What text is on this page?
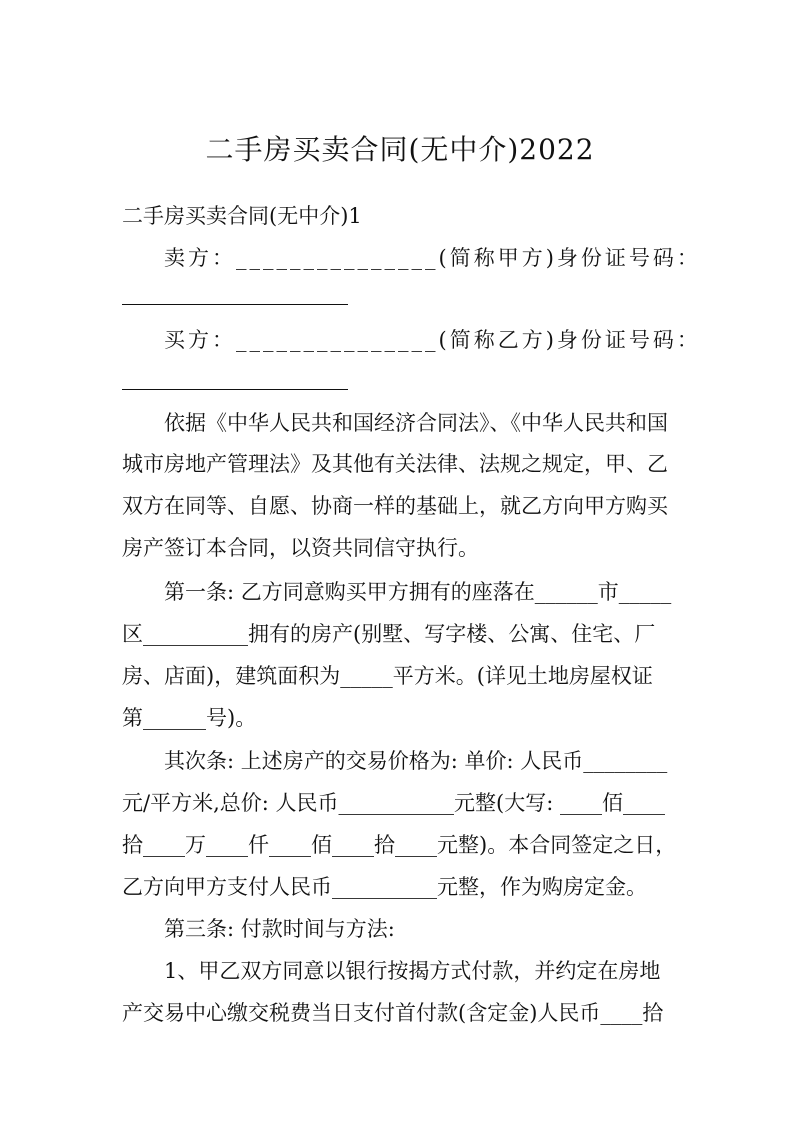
二手房买卖合同(无中介)2022
二手房买卖合同(无中介)1
卖方：_______________(简称甲方)身份证号码：
买方：_______________(简称乙方)身份证号码：
依据《中华人民共和国经济合同法》、《中华人民共和国
城市房地产管理法》及其他有关法律、法规之规定，甲、乙
双方在同等、自愿、协商一样的基础上，就乙方向甲方购买
房产签订本合同，以资共同信守执行。
第一条: 乙方同意购买甲方拥有的座落在______市_____
区__________拥有的房产(别墅、写字楼、公寓、住宅、厂
房、店面)，建筑面积为_____平方米。(详见土地房屋权证
第______号)。
其次条: 上述房产的交易价格为: 单价: 人民币________
元/平方米,总价: 人民币___________元整(大写: ____佰____
拾____万____仟____佰____拾____元整)。本合同签定之日，
乙方向甲方支付人民币__________元整，作为购房定金。
第三条: 付款时间与方法:
1、甲乙双方同意以银行按揭方式付款，并约定在房地
产交易中心缴交税费当日支付首付款(含定金)人民币____拾
